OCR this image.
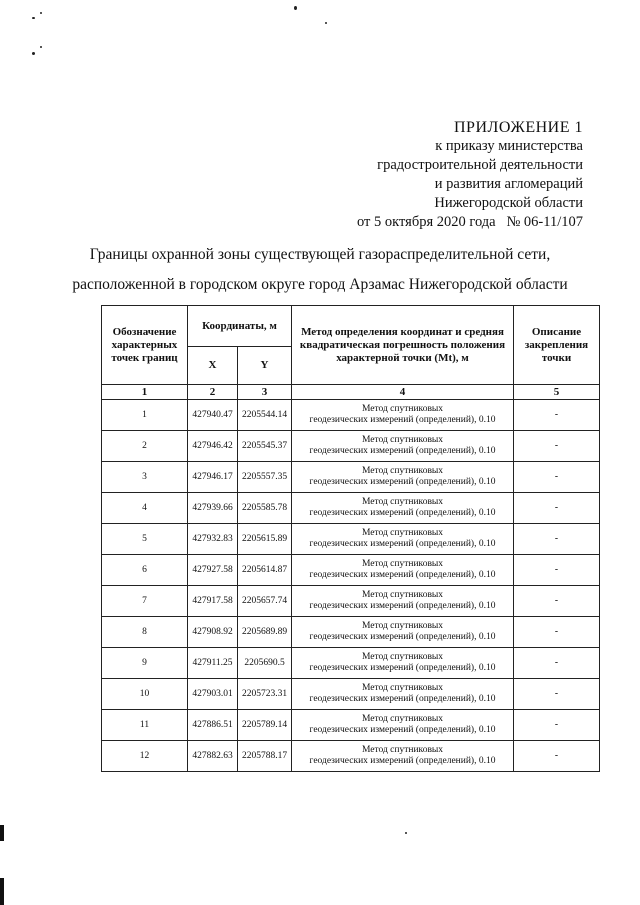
ПРИЛОЖЕНИЕ 1
к приказу министерства
градостроительной деятельности
и развития агломераций
Нижегородской области
от 5 октября 2020 года   № 06-11/107
Границы охранной зоны существующей газораспределительной сети,
расположенной в городском округе город Арзамас Нижегородской области
Обозначение характерных точек границ	Координаты, м		Метод определения координат и средняя квадратическая погрешность положения характерной точки (Mt), м	Описание закрепления точки
	X	Y		
1	2	3	4	5
1	427940.47	2205544.14	Метод спутниковых
геодезических измерений (определений), 0.10	-
2	427946.42	2205545.37	Метод спутниковых
геодезических измерений (определений), 0.10	-
3	427946.17	2205557.35	Метод спутниковых
геодезических измерений (определений), 0.10	-
4	427939.66	2205585.78	Метод спутниковых
геодезических измерений (определений), 0.10	-
5	427932.83	2205615.89	Метод спутниковых
геодезических измерений (определений), 0.10	-
6	427927.58	2205614.87	Метод спутниковых
геодезических измерений (определений), 0.10	-
7	427917.58	2205657.74	Метод спутниковых
геодезических измерений (определений), 0.10	-
8	427908.92	2205689.89	Метод спутниковых
геодезических измерений (определений), 0.10	-
9	427911.25	2205690.5	Метод спутниковых
геодезических измерений (определений), 0.10	-
10	427903.01	2205723.31	Метод спутниковых
геодезических измерений (определений), 0.10	-
11	427886.51	2205789.14	Метод спутниковых
геодезических измерений (определений), 0.10	-
12	427882.63	2205788.17	Метод спутниковых
геодезических измерений (определений), 0.10	-
